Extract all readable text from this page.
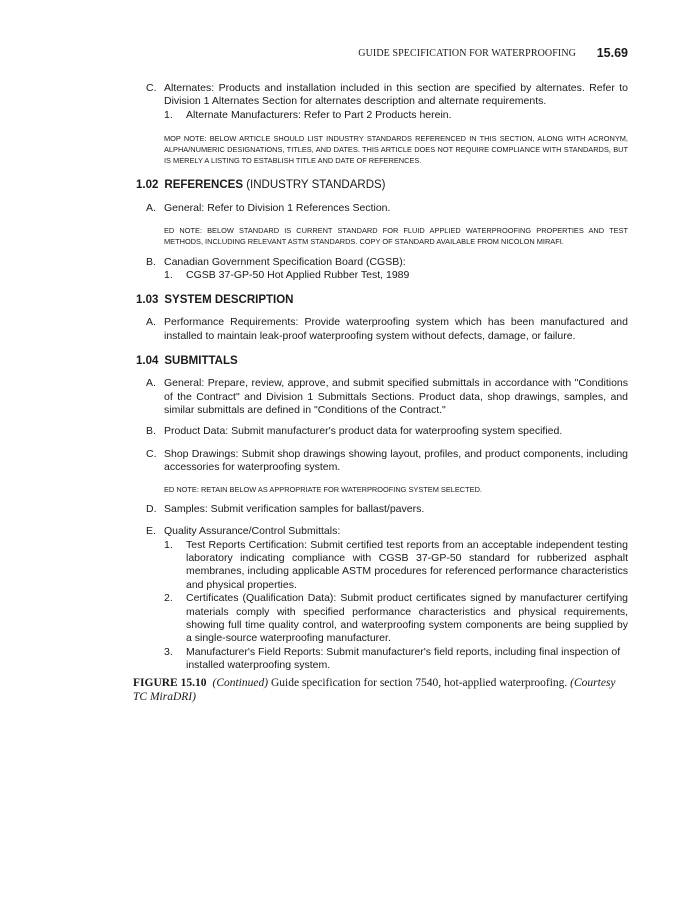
GUIDE SPECIFICATION FOR WATERPROOFING 15.69
C. Alternates: Products and installation included in this section are specified by alternates. Refer to Division 1 Alternates Section for alternates description and alternate requirements.
1. Alternate Manufacturers: Refer to Part 2 Products herein.
MOP NOTE: BELOW ARTICLE SHOULD LIST INDUSTRY STANDARDS REFERENCED IN THIS SECTION, ALONG WITH ACRONYM, ALPHA/NUMERIC DESIGNATIONS, TITLES, AND DATES. THIS ARTICLE DOES NOT REQUIRE COMPLIANCE WITH STANDARDS, BUT IS MERELY A LISTING TO ESTABLISH TITLE AND DATE OF REFERENCES.
1.02 REFERENCES (INDUSTRY STANDARDS)
A. General: Refer to Division 1 References Section.
ED NOTE: BELOW STANDARD IS CURRENT STANDARD FOR FLUID APPLIED WATERPROOFING PROPERTIES AND TEST METHODS, INCLUDING RELEVANT ASTM STANDARDS. COPY OF STANDARD AVAILABLE FROM NICOLON MIRAFI.
B. Canadian Government Specification Board (CGSB):
1. CGSB 37-GP-50 Hot Applied Rubber Test, 1989
1.03 SYSTEM DESCRIPTION
A. Performance Requirements: Provide waterproofing system which has been manufactured and installed to maintain leak-proof waterproofing system without defects, damage, or failure.
1.04 SUBMITTALS
A. General: Prepare, review, approve, and submit specified submittals in accordance with "Conditions of the Contract" and Division 1 Submittals Sections. Product data, shop drawings, samples, and similar submittals are defined in "Conditions of the Contract."
B. Product Data: Submit manufacturer's product data for waterproofing system specified.
C. Shop Drawings: Submit shop drawings showing layout, profiles, and product components, including accessories for waterproofing system.
ED NOTE: RETAIN BELOW AS APPROPRIATE FOR WATERPROOFING SYSTEM SELECTED.
D. Samples: Submit verification samples for ballast/pavers.
E. Quality Assurance/Control Submittals:
1. Test Reports Certification: Submit certified test reports from an acceptable independent testing laboratory indicating compliance with CGSB 37-GP-50 standard for rubberized asphalt membranes, including applicable ASTM procedures for referenced performance characteristics and physical properties.
2. Certificates (Qualification Data): Submit product certificates signed by manufacturer certifying materials comply with specified performance characteristics and physical requirements, showing full time quality control, and waterproofing system components are being supplied by a single-source waterproofing manufacturer.
3. Manufacturer's Field Reports: Submit manufacturer's field reports, including final inspection of installed waterproofing system.
FIGURE 15.10 (Continued) Guide specification for section 7540, hot-applied waterproofing. (Courtesy TC MiraDRI)
